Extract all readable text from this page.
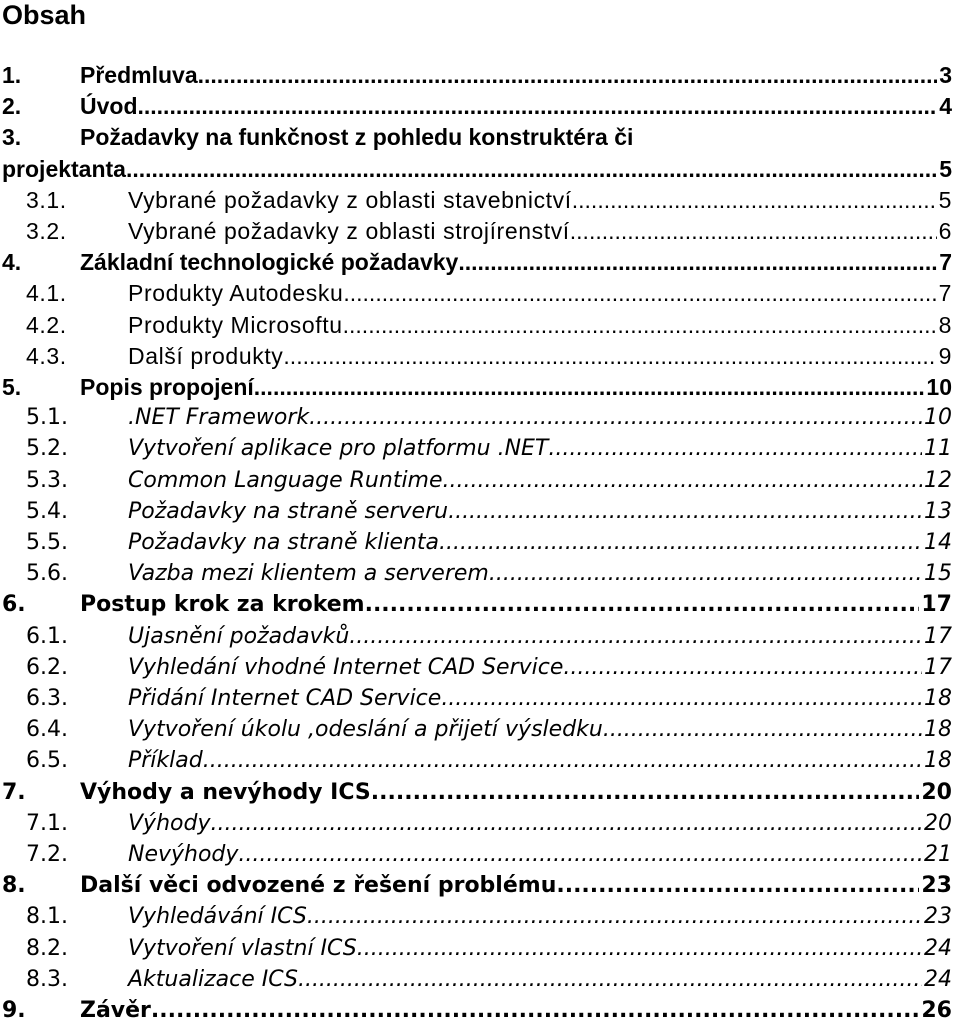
Obsah
1.	Předmluva .....	3
2.	Úvod .....	4
3.	Požadavky na funkčnost z pohledu konstruktéra či
projektanta .....	5
3.1.	Vybrané požadavky z oblasti stavebnictví .....	5
3.2.	Vybrané požadavky z oblasti strojírenství .....	6
4.	Základní technologické požadavky .....	7
4.1.	Produkty Autodesku .....	7
4.2.	Produkty Microsoftu .....	8
4.3.	Další produkty .....	9
5.	Popis propojení .....	10
5.1.	.NET Framework .....	10
5.2.	Vytvoření aplikace pro platformu .NET .....	11
5.3.	Common Language Runtime .....	12
5.4.	Požadavky na straně serveru .....	13
5.5.	Požadavky na straně klienta .....	14
5.6.	Vazba mezi klientem a serverem .....	15
6.	Postup krok za krokem .....	17
6.1.	Ujasnění požadavků .....	17
6.2.	Vyhledání vhodné Internet CAD Service .....	17
6.3.	Přidání Internet CAD Service .....	18
6.4.	Vytvoření úkolu ,odeslání a přijetí výsledku .....	18
6.5.	Příklad .....	18
7.	Výhody a nevýhody ICS .....	20
7.1.	Výhody .....	20
7.2.	Nevýhody .....	21
8.	Další věci odvozené z řešení problému .....	23
8.1.	Vyhledávání ICS .....	23
8.2.	Vytvoření vlastní ICS .....	24
8.3.	Aktualizace ICS .....	24
9.	Závěr .....	26
